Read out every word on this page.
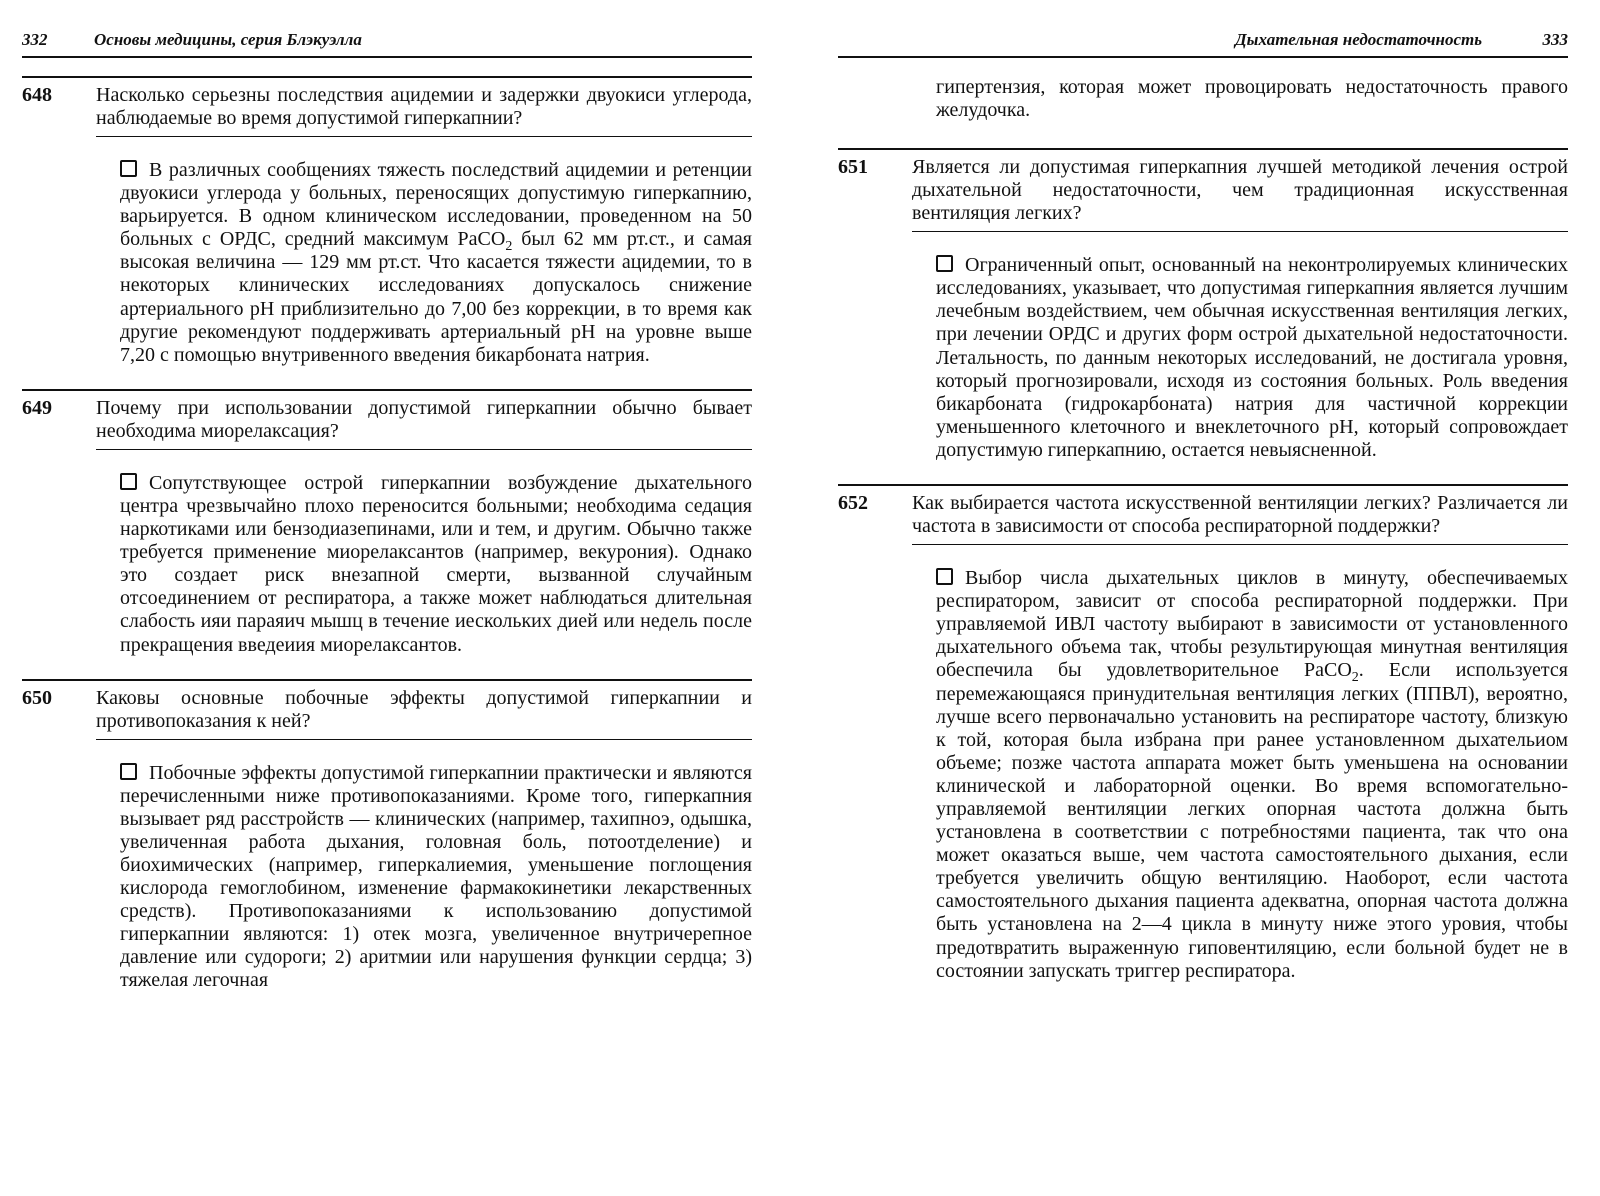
332	Основы медицины, серия Блэкуэлла
648	Насколько серьезны последствия ацидемии и задержки двуокиси углерода, наблюдаемые во время допустимой гиперкапнии?
В различных сообщениях тяжесть последствий ацидемии и ретенции двуокиси углерода у больных, переносящих допустимую гиперкапнию, варьируется. В одном клиническом исследовании, проведенном на 50 больных с ОРДС, средний максимум PaCO$_2$ был 62 мм рт.ст., и самая высокая величина — 129 мм рт.ст. Что касается тяжести ацидемии, то в некоторых клинических исследованиях допускалось снижение артериального pH приблизительно до 7,00 без коррекции, в то время как другие рекомендуют поддерживать артериальный pH на уровне выше 7,20 с помощью внутривенного введения бикарбоната натрия.
649	Почему при использовании допустимой гиперкапнии обычно бывает необходима миорелаксация?
Сопутствующее острой гиперкапнии возбуждение дыхательного центра чрезвычайно плохо переносится больными; необходима седация наркотиками или бензодиазепинами, или и тем, и другим. Обычно также требуется применение миорелаксантов (например, векурония). Однако это создает риск внезапной смерти, вызванной случайным отсоединением от респиратора, а также может наблюдаться длительная слабость ияи параяич мышц в течение иескольких дией или недель после прекращения введеиия миорелаксантов.
650	Каковы основные побочные эффекты допустимой гиперкапнии и противопоказания к ней?
Побочные эффекты допустимой гиперкапнии практически и являются перечисленными ниже противопоказаниями. Кроме того, гиперкапния вызывает ряд расстройств — клинических (например, тахипноэ, одышка, увеличенная работа дыхания, головная боль, потоотделение) и биохимических (например, гиперкалиемия, уменьшение поглощения кислорода гемоглобином, изменение фармакокинетики лекарственных средств). Противопоказаниями к использованию допустимой гиперкапнии являются: 1) отек мозга, увеличенное внутричерепное давление или судороги; 2) аритмии или нарушения функции сердца; 3) тяжелая легочная
Дыхательная недостаточность	333
гипертензия, которая может провоцировать недостаточность правого желудочка.
651	Является ли допустимая гиперкапния лучшей методикой лечения острой дыхательной недостаточности, чем традиционная искусственная вентиляция легких?
Ограниченный опыт, основанный на неконтролируемых клинических исследованиях, указывает, что допустимая гиперкапния является лучшим лечебным воздействием, чем обычная искусственная вентиляция легких, при лечении ОРДС и других форм острой дыхательной недостаточности. Летальность, по данным некоторых исследований, не достигала уровня, который прогнозировали, исходя из состояния больных. Роль введения бикарбоната (гидрокарбоната) натрия для частичной коррекции уменьшенного клеточного и внеклеточного pH, который сопровождает допустимую гиперкапнию, остается невыясненной.
652	Как выбирается частота искусственной вентиляции легких? Различается ли частота в зависимости от способа респираторной поддержки?
Выбор числа дыхательных циклов в минуту, обеспечиваемых респиратором, зависит от способа респираторной поддержки. При управляемой ИВЛ частоту выбирают в зависимости от установленного дыхательного объема так, чтобы результирующая минутная вентиляция обеспечила бы удовлетворительное PaCO$_2$. Если используется перемежающаяся принудительная вентиляция легких (ППВЛ), вероятно, лучше всего первоначально установить на респираторе частоту, близкую к той, которая была избрана при ранее установленном дыхательиом объеме; позже частота аппарата может быть уменьшена на основании клинической и лабораторной оценки. Во время вспомогательно-управляемой вентиляции легких опорная частота должна быть установлена в соответствии с потребностями пациента, так что она может оказаться выше, чем частота самостоятельного дыхания, если требуется увеличить общую вентиляцию. Наоборот, если частота самостоятельного дыхания пациента адекватна, опорная частота должна быть установлена на 2—4 цикла в минуту ниже этого уровия, чтобы предотвратить выраженную гиповентиляцию, если больной будет не в состоянии запускать триггер респиратора.
